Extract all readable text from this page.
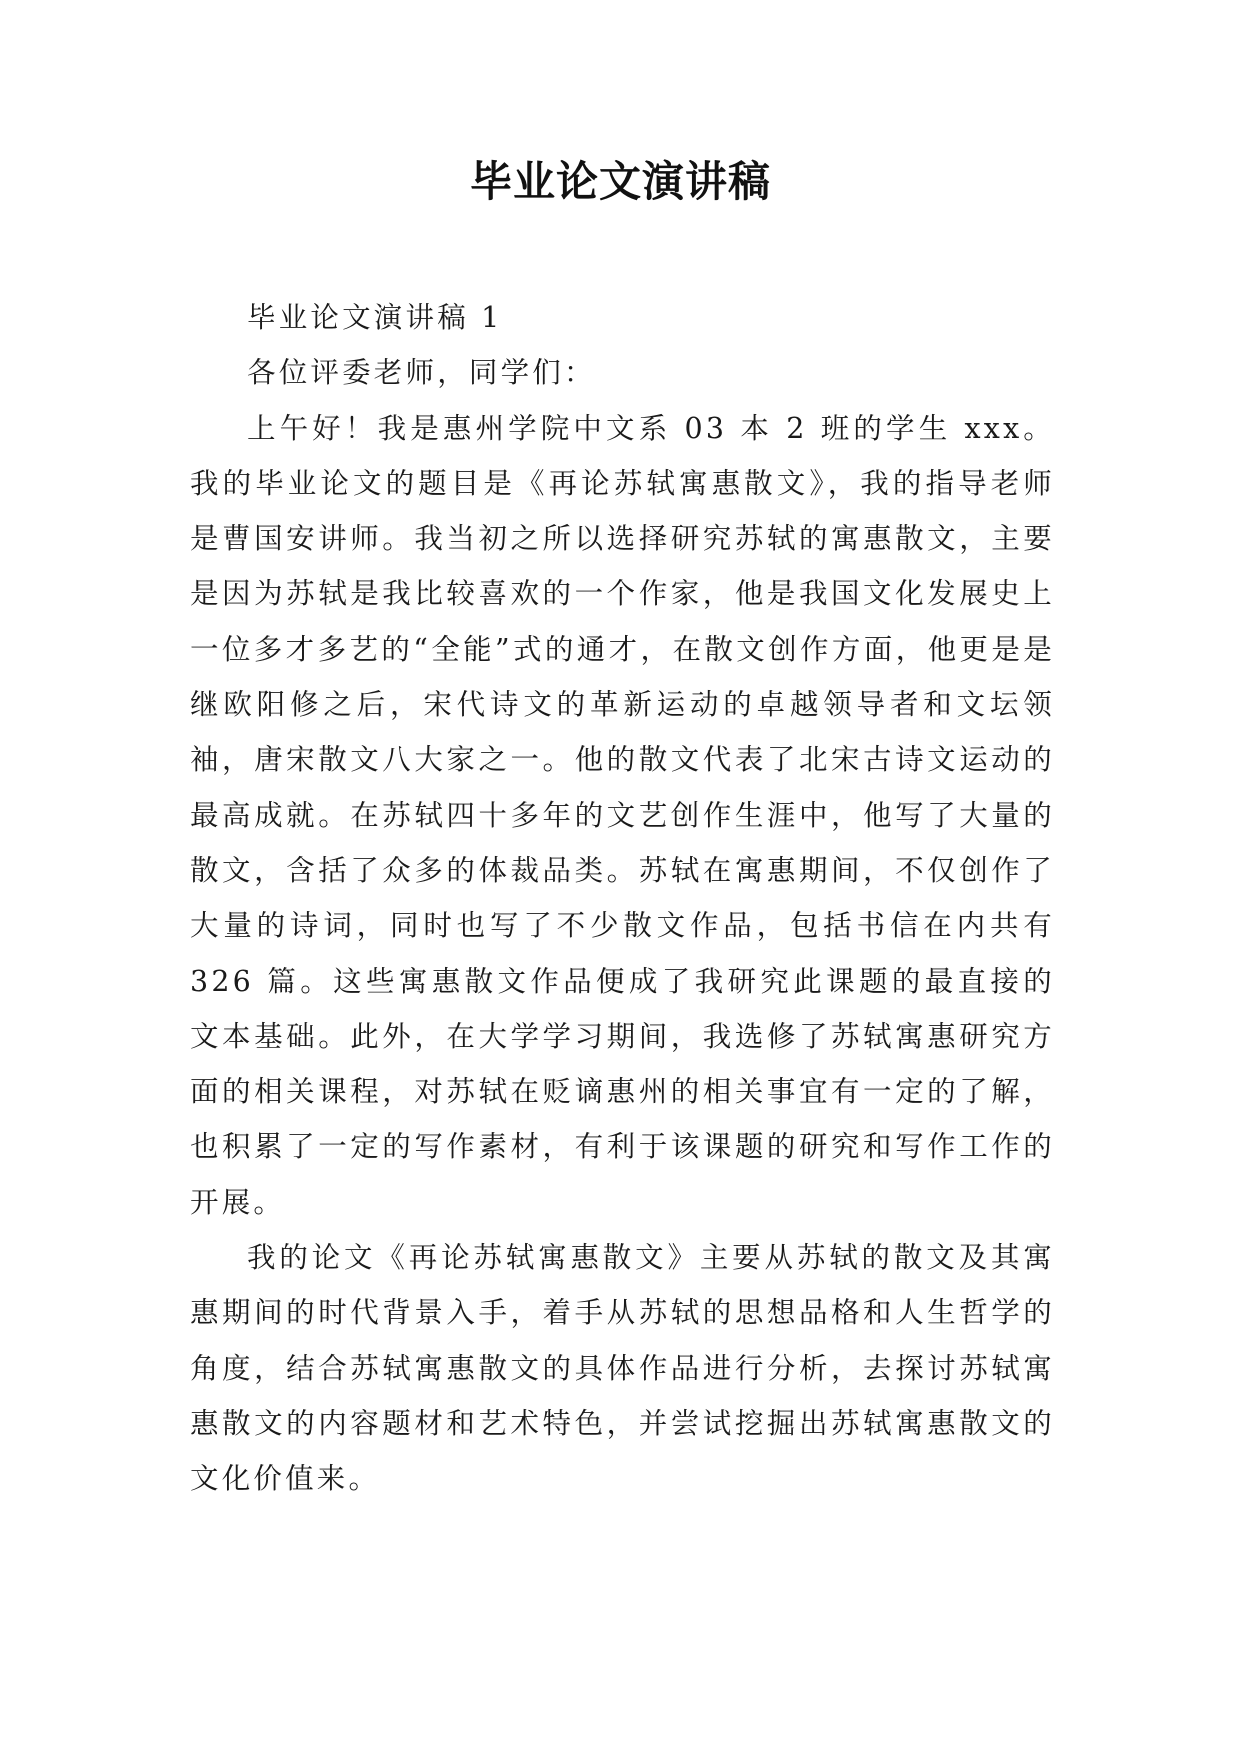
毕业论文演讲稿

毕业论文演讲稿 1

各位评委老师，同学们：

上午好！我是惠州学院中文系 03 本 2 班的学生 xxx。我的毕业论文的题目是《再论苏轼寓惠散文》，我的指导老师是曹国安讲师。我当初之所以选择研究苏轼的寓惠散文，主要是因为苏轼是我比较喜欢的一个作家，他是我国文化发展史上一位多才多艺的“全能”式的通才，在散文创作方面，他更是是继欧阳修之后，宋代诗文的革新运动的卓越领导者和文坛领袖，唐宋散文八大家之一。他的散文代表了北宋古诗文运动的最高成就。在苏轼四十多年的文艺创作生涯中，他写了大量的散文，含括了众多的体裁品类。苏轼在寓惠期间，不仅创作了大量的诗词，同时也写了不少散文作品，包括书信在内共有 326 篇。这些寓惠散文作品便成了我研究此课题的最直接的文本基础。此外，在大学学习期间，我选修了苏轼寓惠研究方面的相关课程，对苏轼在贬谪惠州的相关事宜有一定的了解，也积累了一定的写作素材，有利于该课题的研究和写作工作的开展。

我的论文《再论苏轼寓惠散文》主要从苏轼的散文及其寓惠期间的时代背景入手，着手从苏轼的思想品格和人生哲学的角度，结合苏轼寓惠散文的具体作品进行分析，去探讨苏轼寓惠散文的内容题材和艺术特色，并尝试挖掘出苏轼寓惠散文的文化价值来。
